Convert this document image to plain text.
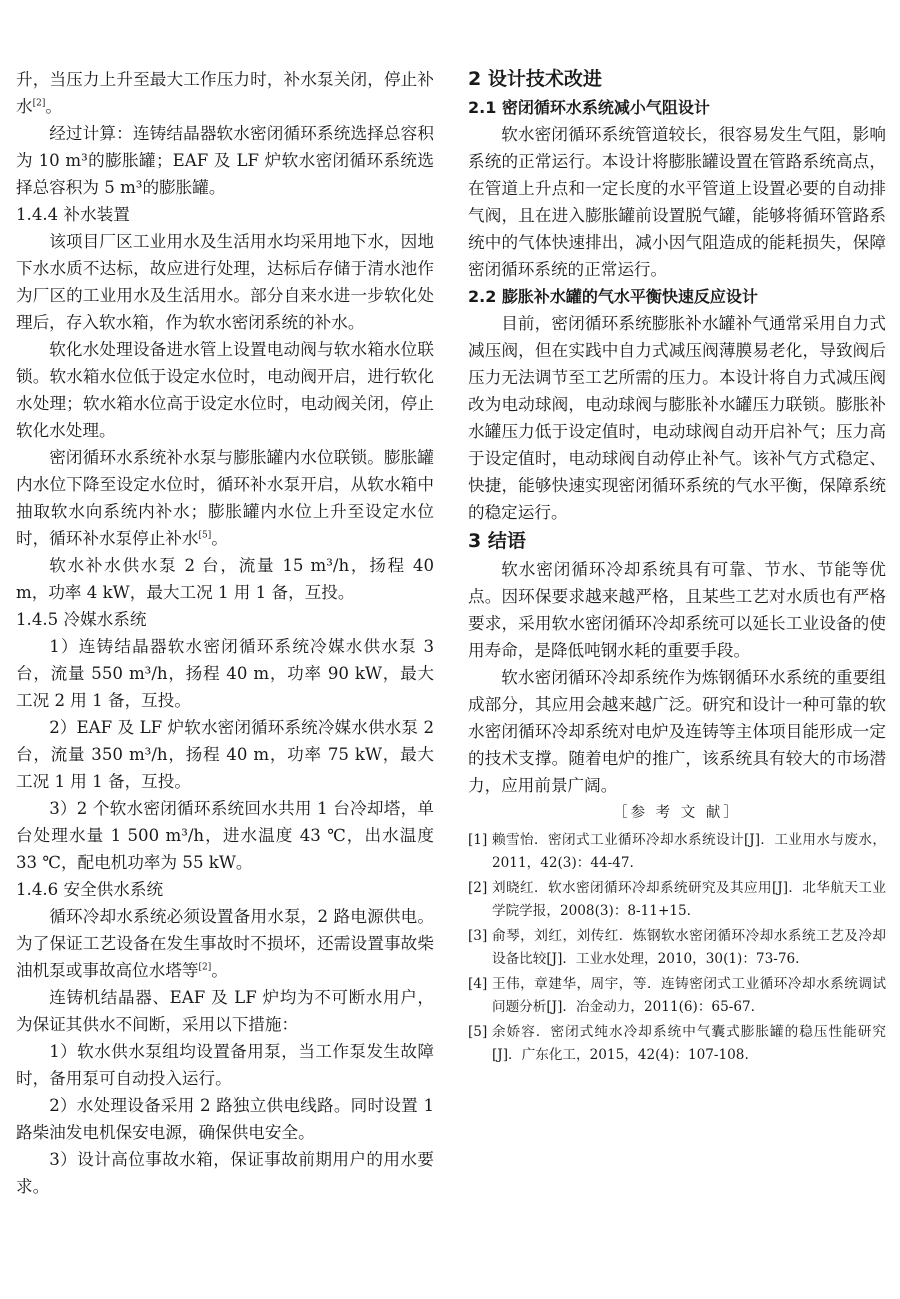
升，当压力上升至最大工作压力时，补水泵关闭，停止补水[2]。

经过计算：连铸结晶器软水密闭循环系统选择总容积为 10 m³的膨胀罐；EAF 及 LF 炉软水密闭循环系统选择总容积为 5 m³的膨胀罐。

1.4.4 补水装置

该项目厂区工业用水及生活用水均采用地下水，因地下水水质不达标，故应进行处理，达标后存储于清水池作为厂区的工业用水及生活用水。部分自来水进一步软化处理后，存入软水箱，作为软水密闭系统的补水。

软化水处理设备进水管上设置电动阀与软水箱水位联锁。软水箱水位低于设定水位时，电动阀开启，进行软化水处理；软水箱水位高于设定水位时，电动阀关闭，停止软化水处理。

密闭循环水系统补水泵与膨胀罐内水位联锁。膨胀罐内水位下降至设定水位时，循环补水泵开启，从软水箱中抽取软水向系统内补水；膨胀罐内水位上升至设定水位时，循环补水泵停止补水[5]。

软水补水供水泵 2 台，流量 15 m³/h，扬程 40 m，功率 4 kW，最大工况 1 用 1 备，互投。

1.4.5 冷媒水系统

1）连铸结晶器软水密闭循环系统冷媒水供水泵 3 台，流量 550 m³/h，扬程 40 m，功率 90 kW，最大工况 2 用 1 备，互投。

2）EAF 及 LF 炉软水密闭循环系统冷媒水供水泵 2 台，流量 350 m³/h，扬程 40 m，功率 75 kW，最大工况 1 用 1 备，互投。

3）2 个软水密闭循环系统回水共用 1 台冷却塔，单台处理水量 1 500 m³/h，进水温度 43 ℃，出水温度 33 ℃，配电机功率为 55 kW。

1.4.6 安全供水系统

循环冷却水系统必须设置备用水泵，2 路电源供电。为了保证工艺设备在发生事故时不损坏，还需设置事故柴油机泵或事故高位水塔等[2]。

连铸机结晶器、EAF 及 LF 炉均为不可断水用户，为保证其供水不间断，采用以下措施：

1）软水供水泵组均设置备用泵，当工作泵发生故障时，备用泵可自动投入运行。

2）水处理设备采用 2 路独立供电线路。同时设置 1 路柴油发电机保安电源，确保供电安全。

3）设计高位事故水箱，保证事故前期用户的用水要求。

2 设计技术改进
2.1 密闭循环水系统减小气阻设计

软水密闭循环系统管道较长，很容易发生气阻，影响系统的正常运行。本设计将膨胀罐设置在管路系统高点，在管道上升点和一定长度的水平管道上设置必要的自动排气阀，且在进入膨胀罐前设置脱气罐，能够将循环管路系统中的气体快速排出，减小因气阻造成的能耗损失，保障密闭循环系统的正常运行。

2.2 膨胀补水罐的气水平衡快速反应设计

目前，密闭循环系统膨胀补水罐补气通常采用自力式减压阀，但在实践中自力式减压阀薄膜易老化，导致阀后压力无法调节至工艺所需的压力。本设计将自力式减压阀改为电动球阀，电动球阀与膨胀补水罐压力联锁。膨胀补水罐压力低于设定值时，电动球阀自动开启补气；压力高于设定值时，电动球阀自动停止补气。该补气方式稳定、快捷，能够快速实现密闭循环系统的气水平衡，保障系统的稳定运行。

3 结语

软水密闭循环冷却系统具有可靠、节水、节能等优点。因环保要求越来越严格，且某些工艺对水质也有严格要求，采用软水密闭循环冷却系统可以延长工业设备的使用寿命，是降低吨钢水耗的重要手段。

软水密闭循环冷却系统作为炼钢循环水系统的重要组成部分，其应用会越来越广泛。研究和设计一种可靠的软水密闭循环冷却系统对电炉及连铸等主体项目能形成一定的技术支撑。随着电炉的推广，该系统具有较大的市场潜力，应用前景广阔。

［参 考 文 献］
[1] 赖雪怡．密闭式工业循环冷却水系统设计[J]．工业用水与废水，2011，42(3)：44-47.
[2] 刘晓红．软水密闭循环冷却系统研究及其应用[J]．北华航天工业学院学报，2008(3)：8-11+15.
[3] 俞琴，刘红，刘传红．炼钢软水密闭循环冷却水系统工艺及冷却设备比较[J]．工业水处理，2010，30(1)：73-76.
[4] 王伟，章建华，周宇，等．连铸密闭式工业循环冷却水系统调试问题分析[J]．冶金动力，2011(6)：65-67.
[5] 余娇容．密闭式纯水冷却系统中气囊式膨胀罐的稳压性能研究[J]．广东化工，2015，42(4)：107-108.
